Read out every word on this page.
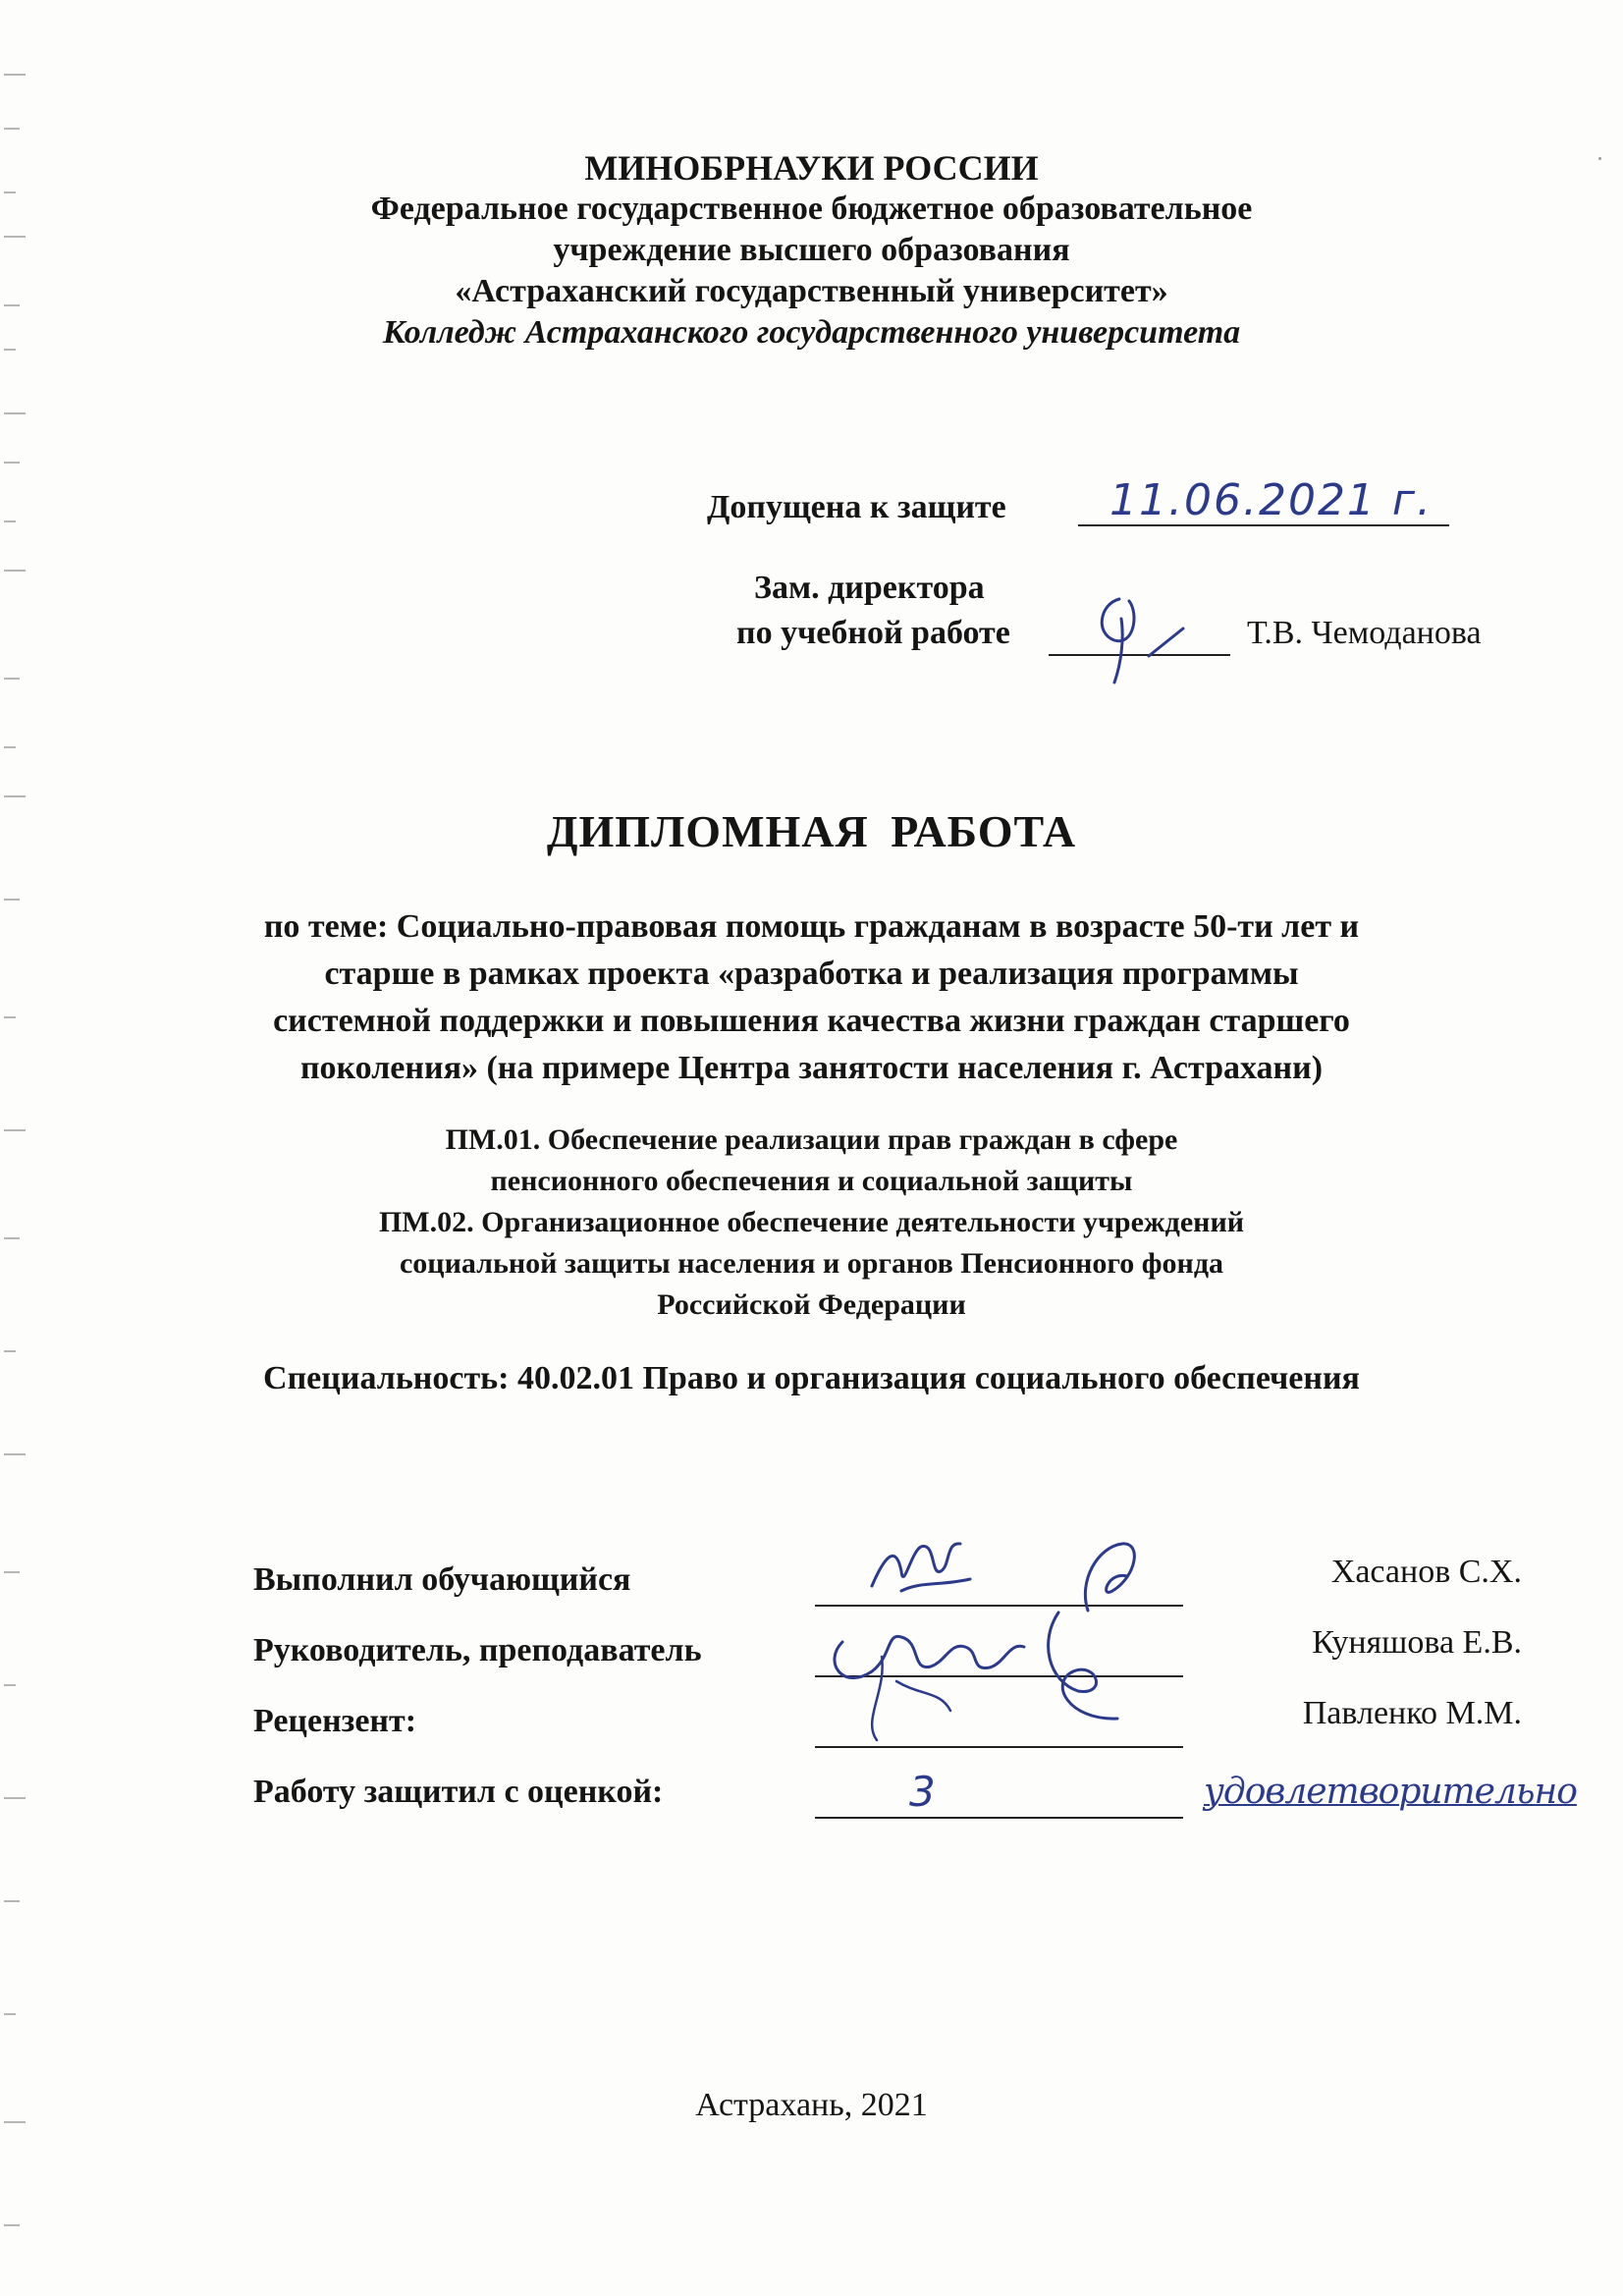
МИНОБРНАУКИ РОССИИ
Федеральное государственное бюджетное образовательное
учреждение высшего образования
«Астраханский государственный университет»
Колледж Астраханского государственного университета
Допущена к защите 11.06.2021 г.
Зам. директора
по учебной работе	Т.В. Чемоданова
ДИПЛОМНАЯ РАБОТА
по теме: Социально-правовая помощь гражданам в возрасте 50-ти лет и
старше в рамках проекта «разработка и реализация программы
системной поддержки и повышения качества жизни граждан старшего
поколения» (на примере Центра занятости населения г. Астрахани)
ПМ.01. Обеспечение реализации прав граждан в сфере
пенсионного обеспечения и социальной защиты
ПМ.02. Организационное обеспечение деятельности учреждений
социальной защиты населения и органов Пенсионного фонда
Российской Федерации
Специальность: 40.02.01 Право и организация социального обеспечения
Выполнил обучающийся	Хасанов С.Х.
Руководитель, преподаватель	Куняшова Е.В.
Рецензент:	Павленко М.М.
Работу защитил с оценкой:	3	удовлетворительно
Астрахань, 2021
